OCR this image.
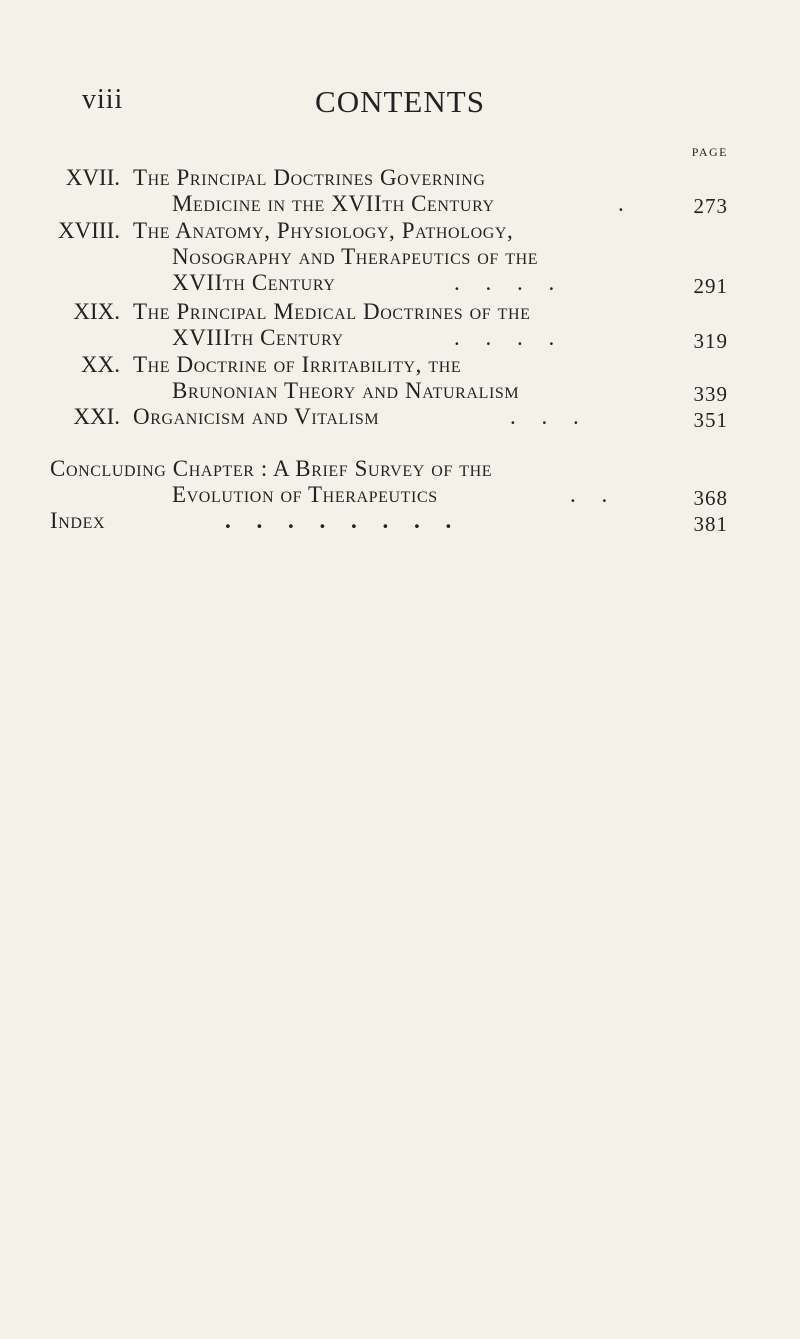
viii	CONTENTS
PAGE
XVII. The Principal Doctrines Governing
Medicine in the XVIIth Century	.	273
XVIII. The Anatomy, Physiology, Pathology,
Nosography and Therapeutics of the
XVIIth Century	. . . .	291
XIX. The Principal Medical Doctrines of the
XVIIIth Century	. . . .	319
XX. The Doctrine of Irritability, the
Brunonian Theory and Naturalism	339
XXI. Organicism and Vitalism	. . .	351
Concluding Chapter : A Brief Survey of the
Evolution of Therapeutics	. .	368
Index	. . . . . . . .	381
